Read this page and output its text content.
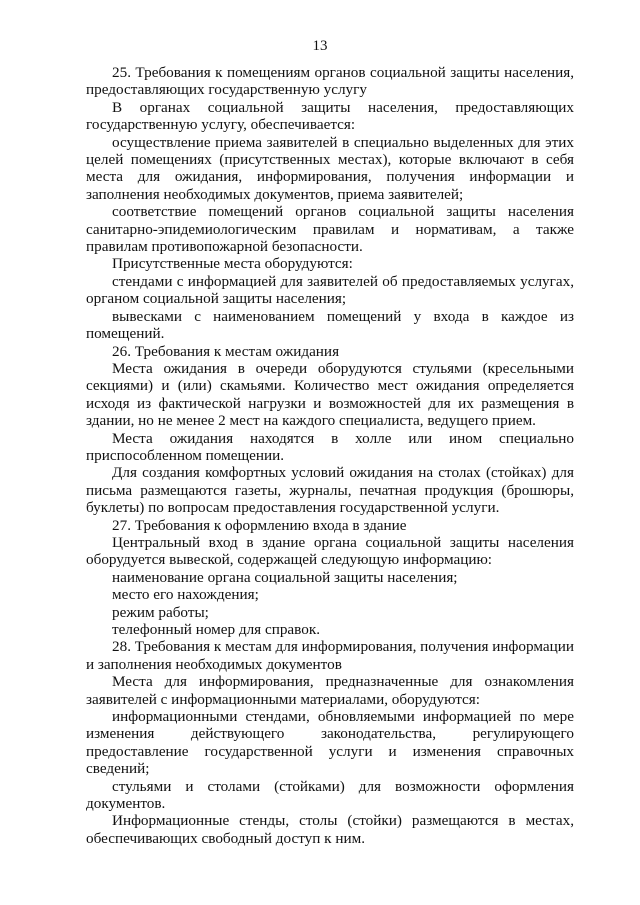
13

25. Требования к помещениям органов социальной защиты населения, предоставляющих государственную услугу

В органах социальной защиты населения, предоставляющих государственную услугу, обеспечивается:

осуществление приема заявителей в специально выделенных для этих целей помещениях (присутственных местах), которые включают в себя места для ожидания, информирования, получения информации и заполнения необходимых документов, приема заявителей;

соответствие помещений органов социальной защиты населения санитарно-эпидемиологическим правилам и нормативам, а также правилам противопожарной безопасности.

Присутственные места оборудуются:

стендами с информацией для заявителей об предоставляемых услугах, органом социальной защиты населения;

вывесками с наименованием помещений у входа в каждое из помещений.

26. Требования к местам ожидания

Места ожидания в очереди оборудуются стульями (кресельными секциями) и (или) скамьями. Количество мест ожидания определяется исходя из фактической нагрузки и возможностей для их размещения в здании, но не менее 2 мест на каждого специалиста, ведущего прием.

Места ожидания находятся в холле или ином специально приспособленном помещении.

Для создания комфортных условий ожидания на столах (стойках) для письма размещаются газеты, журналы, печатная продукция (брошюры, буклеты) по вопросам предоставления государственной услуги.

27. Требования к оформлению входа в здание

Центральный вход в здание органа социальной защиты населения оборудуется вывеской, содержащей следующую информацию:

наименование органа социальной защиты населения;

место его нахождения;

режим работы;

телефонный номер для справок.

28. Требования к местам для информирования, получения информации и заполнения необходимых документов

Места для информирования, предназначенные для ознакомления заявителей с информационными материалами, оборудуются:

информационными стендами, обновляемыми информацией по мере изменения действующего законодательства, регулирующего предоставление государственной услуги и изменения справочных сведений;

стульями и столами (стойками) для возможности оформления документов.

Информационные стенды, столы (стойки) размещаются в местах, обеспечивающих свободный доступ к ним.
